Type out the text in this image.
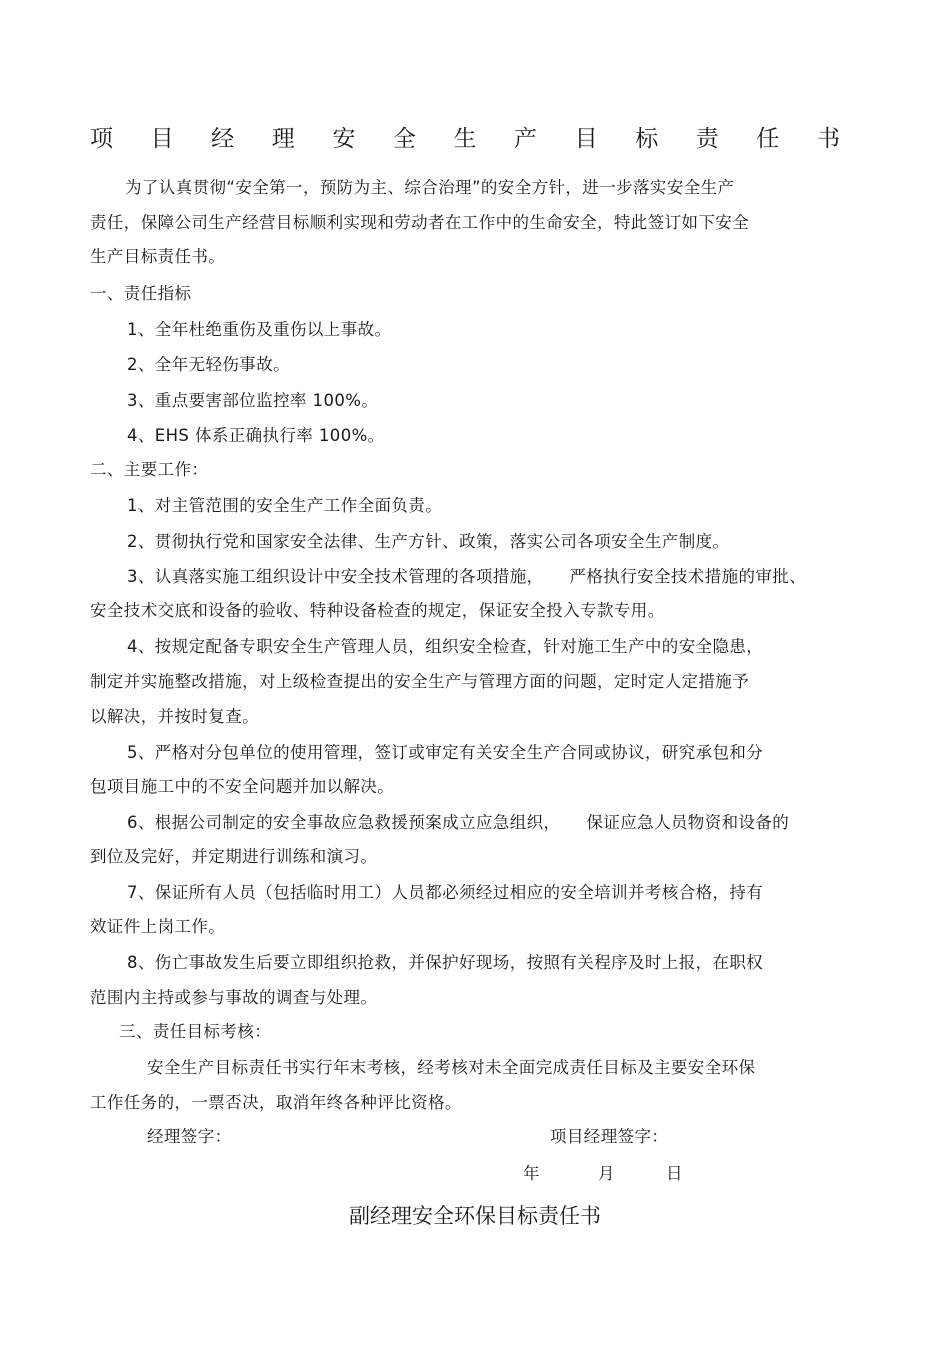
项 目 经 理 安 全 生 产 目 标 责 任 书
为了认真贯彻“安全第一，预防为主、综合治理”的安全方针，进一步落实安全生产
责任，保障公司生产经营目标顺利实现和劳动者在工作中的生命安全，特此签订如下安全
生产目标责任书。
一、责任指标
1、全年杜绝重伤及重伤以上事故。
2、全年无轻伤事故。
3、重点要害部位监控率 100%。
4、EHS 体系正确执行率 100%。
二、主要工作：
1、对主管范围的安全生产工作全面负责。
2、贯彻执行党和国家安全法律、生产方针、政策，落实公司各项安全生产制度。
3、认真落实施工组织设计中安全技术管理的各项措施， 严格执行安全技术措施的审批、
安全技术交底和设备的验收、特种设备检查的规定，保证安全投入专款专用。
4、按规定配备专职安全生产管理人员，组织安全检查，针对施工生产中的安全隐患，
制定并实施整改措施，对上级检查提出的安全生产与管理方面的问题，定时定人定措施予
以解决，并按时复查。
5、严格对分包单位的使用管理，签订或审定有关安全生产合同或协议，研究承包和分
包项目施工中的不安全问题并加以解决。
6、根据公司制定的安全事故应急救援预案成立应急组织， 保证应急人员物资和设备的
到位及完好，并定期进行训练和演习。
7、保证所有人员（包括临时用工）人员都必须经过相应的安全培训并考核合格，持有
效证件上岗工作。
8、伤亡事故发生后要立即组织抢救，并保护好现场，按照有关程序及时上报，在职权
范围内主持或参与事故的调查与处理。
三、责任目标考核：
安全生产目标责任书实行年末考核，经考核对未全面完成责任目标及主要安全环保
工作任务的，一票否决，取消年终各种评比资格。
经理签字：	项目经理签字：
年	月	日
副经理安全环保目标责任书
